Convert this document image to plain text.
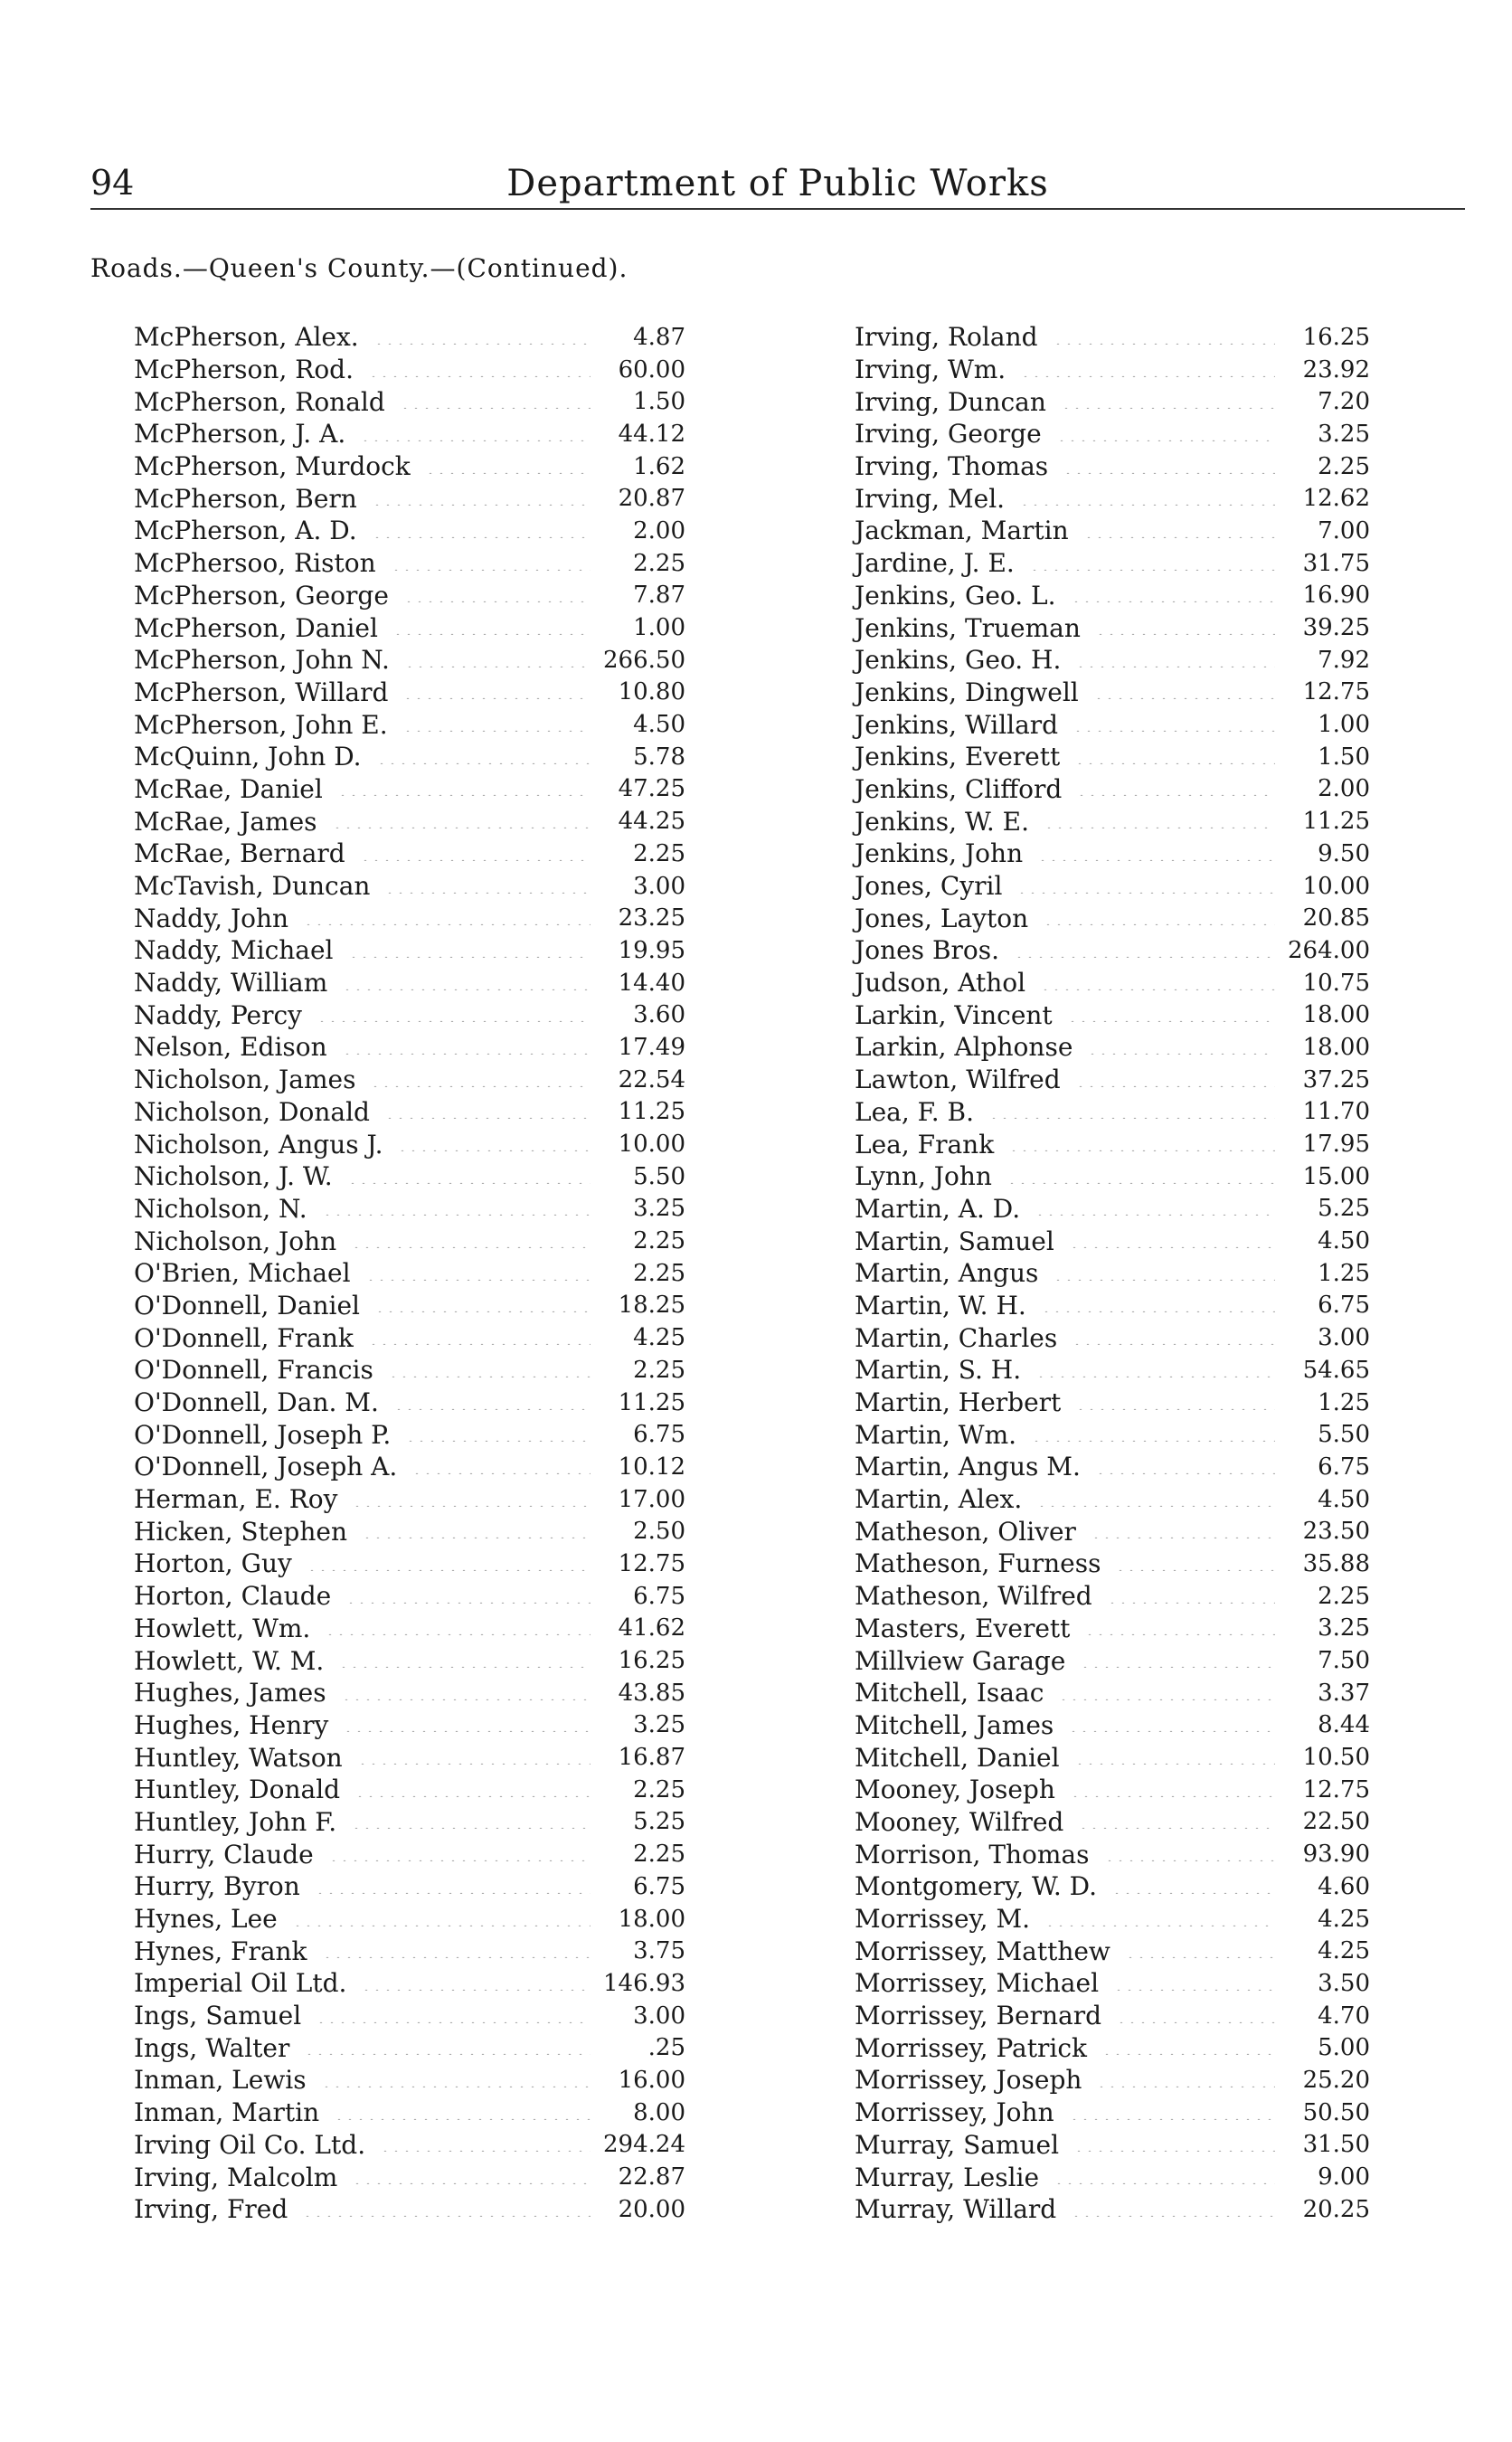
94	Department of Public Works
Roads.—Queen's County.—(Continued).
McPherson, Alex.	4.87
McPherson, Rod.	60.00
McPherson, Ronald	1.50
McPherson, J. A.	44.12
McPherson, Murdock	1.62
McPherson, Bern	20.87
McPherson, A. D.	2.00
McPhersoo, Riston	2.25
McPherson, George	7.87
McPherson, Daniel	1.00
McPherson, John N.	266.50
McPherson, Willard	10.80
McPherson, John E.	4.50
McQuinn, John D.	5.78
McRae, Daniel	47.25
McRae, James	44.25
McRae, Bernard	2.25
McTavish, Duncan	3.00
Naddy, John	23.25
Naddy, Michael	19.95
Naddy, William	14.40
Naddy, Percy	3.60
Nelson, Edison	17.49
Nicholson, James	22.54
Nicholson, Donald	11.25
Nicholson, Angus J.	10.00
Nicholson, J. W.	5.50
Nicholson, N.	3.25
Nicholson, John	2.25
O'Brien, Michael	2.25
O'Donnell, Daniel	18.25
O'Donnell, Frank	4.25
O'Donnell, Francis	2.25
O'Donnell, Dan. M.	11.25
O'Donnell, Joseph P.	6.75
O'Donnell, Joseph A.	10.12
Herman, E. Roy	17.00
Hicken, Stephen	2.50
Horton, Guy	12.75
Horton, Claude	6.75
Howlett, Wm.	41.62
Howlett, W. M.	16.25
Hughes, James	43.85
Hughes, Henry	3.25
Huntley, Watson	16.87
Huntley, Donald	2.25
Huntley, John F.	5.25
Hurry, Claude	2.25
Hurry, Byron	6.75
Hynes, Lee	18.00
Hynes, Frank	3.75
Imperial Oil Ltd.	146.93
Ings, Samuel	3.00
Ings, Walter	.25
Inman, Lewis	16.00
Inman, Martin	8.00
Irving Oil Co. Ltd.	294.24
Irving, Malcolm	22.87
Irving, Fred	20.00
Irving, Roland	16.25
Irving, Wm.	23.92
Irving, Duncan	7.20
Irving, George	3.25
Irving, Thomas	2.25
Irving, Mel.	12.62
Jackman, Martin	7.00
Jardine, J. E.	31.75
Jenkins, Geo. L.	16.90
Jenkins, Trueman	39.25
Jenkins, Geo. H.	7.92
Jenkins, Dingwell	12.75
Jenkins, Willard	1.00
Jenkins, Everett	1.50
Jenkins, Clifford	2.00
Jenkins, W. E.	11.25
Jenkins, John	9.50
Jones, Cyril	10.00
Jones, Layton	20.85
Jones Bros.	264.00
Judson, Athol	10.75
Larkin, Vincent	18.00
Larkin, Alphonse	18.00
Lawton, Wilfred	37.25
Lea, F. B.	11.70
Lea, Frank	17.95
Lynn, John	15.00
Martin, A. D.	5.25
Martin, Samuel	4.50
Martin, Angus	1.25
Martin, W. H.	6.75
Martin, Charles	3.00
Martin, S. H.	54.65
Martin, Herbert	1.25
Martin, Wm.	5.50
Martin, Angus M.	6.75
Martin, Alex.	4.50
Matheson, Oliver	23.50
Matheson, Furness	35.88
Matheson, Wilfred	2.25
Masters, Everett	3.25
Millview Garage	7.50
Mitchell, Isaac	3.37
Mitchell, James	8.44
Mitchell, Daniel	10.50
Mooney, Joseph	12.75
Mooney, Wilfred	22.50
Morrison, Thomas	93.90
Montgomery, W. D.	4.60
Morrissey, M.	4.25
Morrissey, Matthew	4.25
Morrissey, Michael	3.50
Morrissey, Bernard	4.70
Morrissey, Patrick	5.00
Morrissey, Joseph	25.20
Morrissey, John	50.50
Murray, Samuel	31.50
Murray, Leslie	9.00
Murray, Willard	20.25
